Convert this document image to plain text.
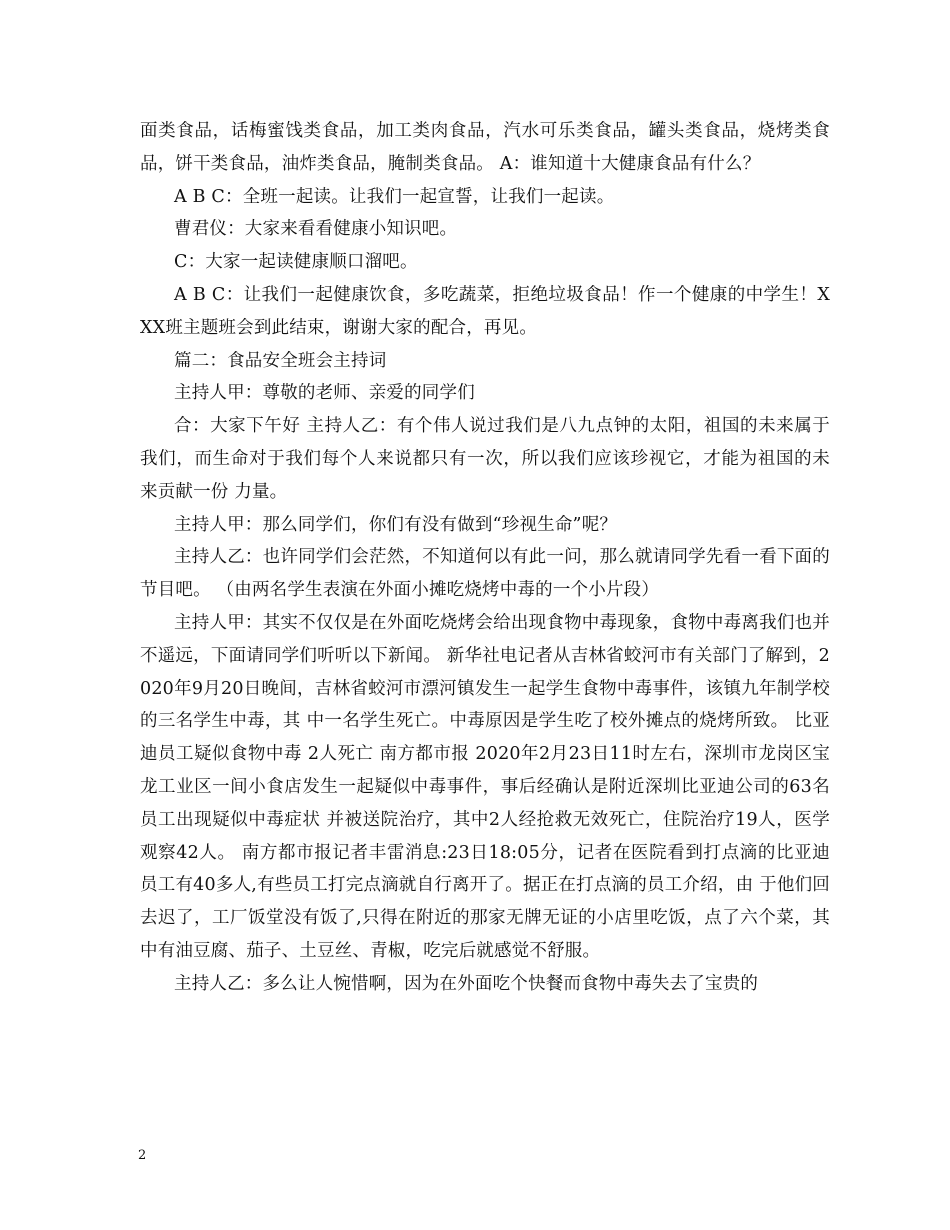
面类食品，话梅蜜饯类食品，加工类肉食品，汽水可乐类食品，罐头类食品，烧烤类食品，饼干类食品，油炸类食品，腌制类食品。 A：谁知道十大健康食品有什么？

A B C：全班一起读。让我们一起宣誓，让我们一起读。

曹君仪：大家来看看健康小知识吧。

C：大家一起读健康顺口溜吧。

A B C：让我们一起健康饮食，多吃蔬菜，拒绝垃圾食品！作一个健康的中学生！XXX班主题班会到此结束，谢谢大家的配合，再见。

篇二：食品安全班会主持词

主持人甲：尊敬的老师、亲爱的同学们

合：大家下午好 主持人乙：有个伟人说过我们是八九点钟的太阳，祖国的未来属于我们，而生命对于我们每个人来说都只有一次，所以我们应该珍视它，才能为祖国的未来贡献一份 力量。

主持人甲：那么同学们，你们有没有做到“珍视生命”呢？

主持人乙：也许同学们会茫然，不知道何以有此一问，那么就请同学先看一看下面的节目吧。 （由两名学生表演在外面小摊吃烧烤中毒的一个小片段）

主持人甲：其实不仅仅是在外面吃烧烤会给出现食物中毒现象，食物中毒离我们也并不遥远，下面请同学们听听以下新闻。 新华社电记者从吉林省蛟河市有关部门了解到，2020年9月20日晚间，吉林省蛟河市漂河镇发生一起学生食物中毒事件，该镇九年制学校的三名学生中毒，其 中一名学生死亡。中毒原因是学生吃了校外摊点的烧烤所致。 比亚迪员工疑似食物中毒 2人死亡 南方都市报 2020年2月23日11时左右，深圳市龙岗区宝龙工业区一间小食店发生一起疑似中毒事件，事后经确认是附近深圳比亚迪公司的63名员工出现疑似中毒症状 并被送院治疗，其中2人经抢救无效死亡，住院治疗19人，医学观察42人。 南方都市报记者丰雷消息:23日18:05分，记者在医院看到打点滴的比亚迪员工有40多人,有些员工打完点滴就自行离开了。据正在打点滴的员工介绍，由 于他们回去迟了，工厂饭堂没有饭了,只得在附近的那家无牌无证的小店里吃饭，点了六个菜，其中有油豆腐、茄子、土豆丝、青椒，吃完后就感觉不舒服。

主持人乙：多么让人惋惜啊，因为在外面吃个快餐而食物中毒失去了宝贵的

2
